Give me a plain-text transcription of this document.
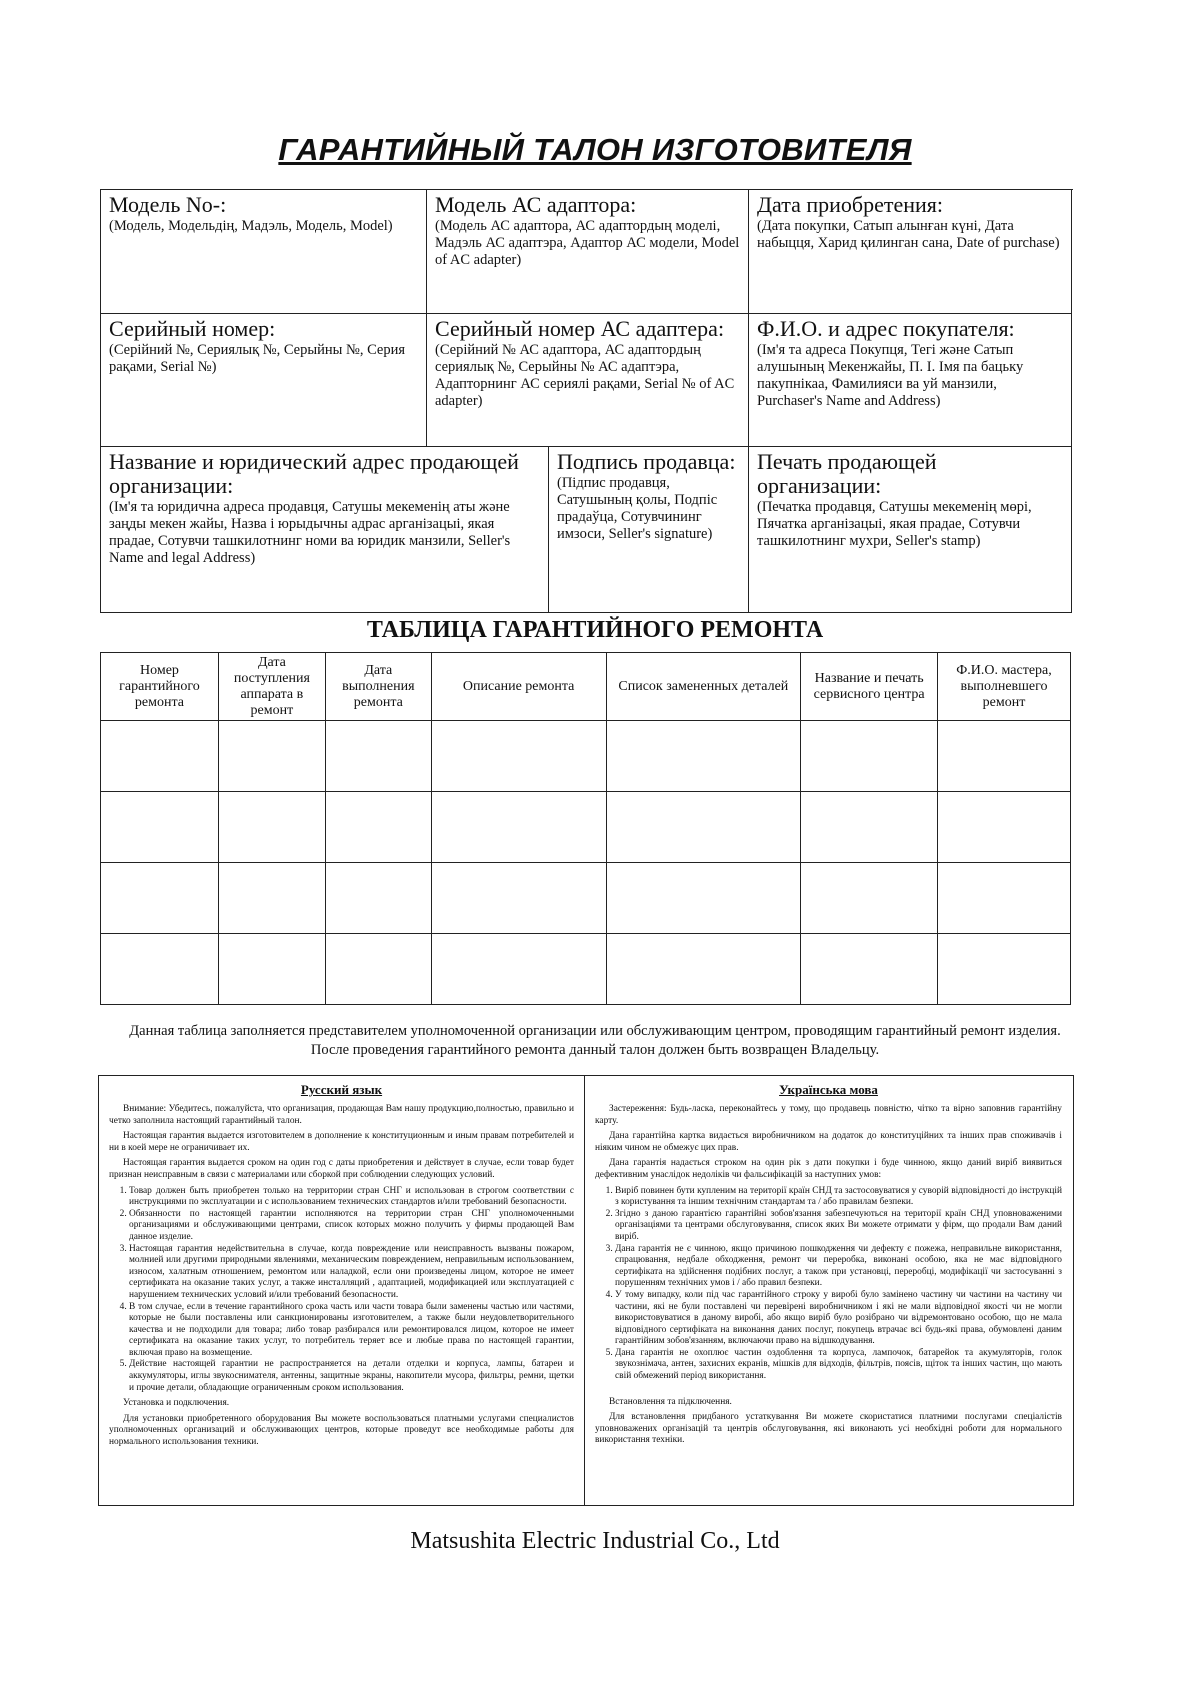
ГАРАНТИЙНЫЙ ТАЛОН ИЗГОТОВИТЕЛЯ
Модель No-:
(Модель, Модельдің, Мадэль, Модель, Model)
Модель АС адаптора:
(Модель АС адаптора, АС адаптордың моделі, Мадэль АС адаптэра, Адаптор АС модели, Model of AC adapter)
Дата приобретения:
(Дата покупки, Сатып алынған күні, Дата набыцця, Харид қилинган сана, Date of purchase)
Серийный номер:
(Серійний №, Сериялық №, Серыйны №, Серия рақами, Serial №)
Серийный номер АС адаптера:
(Серійний № АС адаптора, АС адаптордың сериялық №, Серыйны № АС адаптэра, Адапторнинг АС сериялi рақами, Serial № of AC adapter)
Ф.И.О. и адрес покупателя:
(Ім'я та адреса Покупця, Тегі және Сатып алушының Мекенжайы, П. І. Імя па бацьку пакупнікаа, Фамилияси ва уй манзили, Purchaser's Name and Address)
Название и юридический адрес продающей организации:
(Ім'я та юридична адреса продавця, Сатушы мекеменің аты және заңды мекен жайы, Назва і юрыдычны адрас арганізацыі, якая прадае, Сотувчи ташкилотнинг номи ва юридик манзили, Seller's Name and legal Address)
Подпись продавца:
(Підпис продавця, Сатушының қолы, Подпіс прадаўца, Сотувчининг имзоси, Seller's signature)
Печать продающей организации:
(Печатка продавця, Сатушы мекеменің мөрі, Пячатка арганізацыі, якая прадае, Сотувчи ташкилотнинг мухри, Seller's stamp)
ТАБЛИЦА ГАРАНТИЙНОГО РЕМОНТА
Номер гарантийного ремонта	Дата поступления аппарата в ремонт	Дата выполнения ремонта	Описание ремонта	Список замененных деталей	Название и печать сервисного центра	Ф.И.О. мастера, выполневшего ремонт

Данная таблица заполняется представителем уполномоченной организации или обслуживающим центром, проводящим гарантийный ремонт изделия.
После проведения гарантийного ремонта данный талон должен быть возвращен Владельцу.
Русский язык

Внимание: Убедитесь, пожалуйста, что организация, продающая Вам нашу продукцию,полностью, правильно и четко заполнила настоящий гарантийный талон.

Настоящая гарантия выдается изготовителем в дополнение к конституционным и иным правам потребителей и ни в коей мере не ограничивает их.

Настоящая гарантия выдается сроком на один год с даты приобретения и действует в случае, если товар будет признан неисправным в связи с материалами или сборкой при соблюдении следующих условий.

1. Товар должен быть приобретен только на территории стран СНГ и использован в строгом соответствии с инструкциями по эксплуатации и с использованием технических стандартов и/или требований безопасности.
2. Обязанности по настоящей гарантии исполняются на территории стран СНГ уполномоченными организациями и обслуживающими центрами, список которых можно получить у фирмы продающей Вам данное изделие.
3. Настоящая гарантия недействительна в случае, когда повреждение или неисправность вызваны пожаром, молнией или другими природными явлениями, механическим повреждением, неправильным использованием, износом, халатным отношением, ремонтом или наладкой, если они произведены лицом, которое не имеет сертификата на оказание таких услуг, а также инсталляций , адаптацией, модификацией или эксплуатацией с нарушением технических условий и/или требований безопасности.
4. В том случае, если в течение гарантийного срока часть или части товара были заменены частью или частями, которые не были поставлены или санкционированы изготовителем, а также были неудовлетворительного качества и не подходили для товара; либо товар разбирался или ремонтировался лицом, которое не имеет сертификата на оказание таких услуг, то потребитель теряет все и любые права по настоящей гарантии, включая право на возмещение.
5. Действие настоящей гарантии не распространяется на детали отделки и корпуса, лампы, батареи и аккумуляторы, иглы звукоснимателя, антенны, защитные экраны, накопители мусора, фильтры, ремни, щетки и прочие детали, обладающие ограниченным сроком использования.

Установка и подключения.

Для установки приобретенного оборудования Вы можете воспользоваться платными услугами специалистов уполномоченных организаций и обслуживающих центров, которые проведут все необходимые работы для нормального использования техники.

Українська мова

Застереження: Будь-ласка, переконайтесь у тому, що продавець повністю, чітко та вірно заповнив гарантійну карту.

Дана гарантійна картка видається виробничником на додаток до конституційних та інших прав споживачів і ніяким чином не обмежує цих прав.

Дана гарантія надається строком на один рік з дати покупки і буде чинною, якщо даний виріб виявиться дефективним унаслідок недоліків чи фальсифікацій за наступних умов:

1. Виріб повинен бути купленим на території країн СНД та застосовуватися у суворій відповідності до інструкцій з користування та іншим технічним стандартам та / або правилам безпеки.
2. Згідно з даною гарантією гарантійні зобов'язання забезпечуються на території країн СНД уповноваженими організаціями та центрами обслуговування, список яких Ви можете отримати у фірм, що продали Вам даний виріб.
3. Дана гарантія не є чинною, якщо причиною пошкодження чи дефекту є пожежа, неправильне використання, спрацювання, недбале обходження, ремонт чи переробка, виконані особою, яка не має відповідного сертифіката на здійснення подібних послуг, а також при установці, переробці, модифікації чи застосуванні з порушенням технічних умов і / або правил безпеки.
4. У тому випадку, коли під час гарантійного строку у виробі було замінено частину чи частини на частину чи частини, які не були поставлені чи перевірені виробничником і які не мали відповідної якості чи не могли використовуватися в даному виробі, або якщо виріб було розібрано чи відремонтовано особою, що не мала відповідного сертифіката на виконання даних послуг, покупець втрачає всі будь-які права, обумовлені даним гарантійним зобов'язанням, включаючи право на відшкодування.
5. Дана гарантія не охоплює частин оздоблення та корпуса, лампочок, батарейок та акумуляторів, голок звукознімача, антен, захисних екранів, мішків для відходів, фільтрів, поясів, щіток та інших частин, що мають свій обмежений період використання.

Встановлення та підключення.

Для встановлення придбаного устаткування Ви можете скористатися платними послугами спеціалістів уповноважених організацій та центрів обслуговування, які виконають усі необхідні роботи для нормального використання техніки.

Matsushita Electric Industrial Co., Ltd
